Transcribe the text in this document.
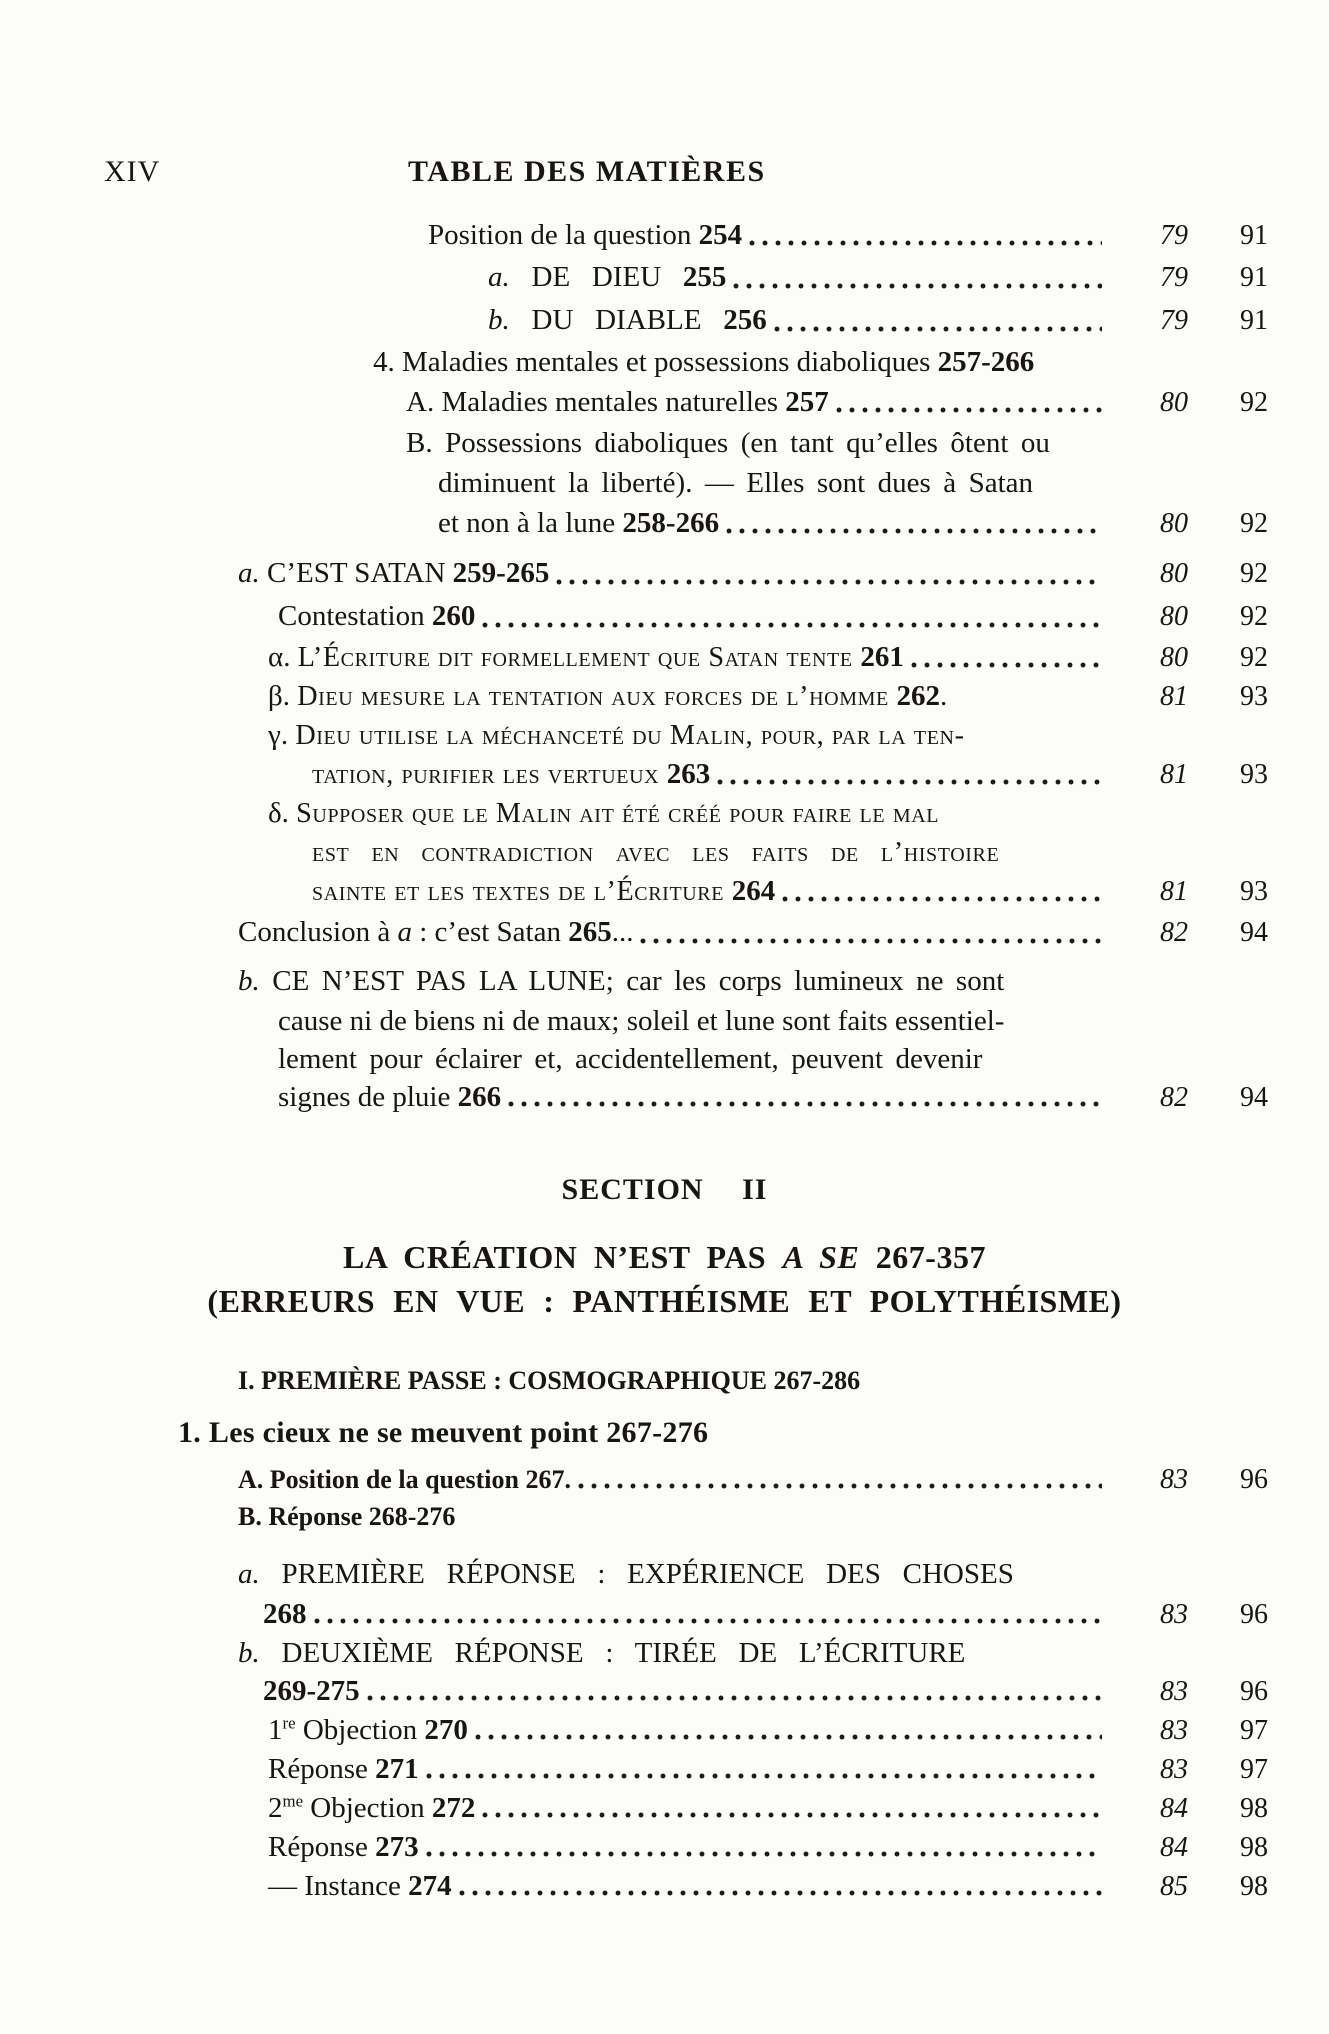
XIV	TABLE DES MATIÈRES
Position de la question 254	79	91
a. DE DIEU 255	79	91
b. DU DIABLE 256	79	91
4. Maladies mentales et possessions diaboliques 257-266
A. Maladies mentales naturelles 257	80	92
B. Possessions diaboliques (en tant qu’elles ôtent ou
diminuent la liberté). — Elles sont dues à Satan
et non à la lune 258-266	80	92
a. C’EST SATAN 259-265	80	92
Contestation 260	80	92
α. L’Écriture dit formellement que Satan tente 261	80	92
β. Dieu mesure la tentation aux forces de l’homme 262.	81	93
γ. Dieu utilise la méchanceté du Malin, pour, par la ten-
tation, purifier les vertueux 263	81	93
δ. Supposer que le Malin ait été créé pour faire le mal
est en contradiction avec les faits de l’histoire
sainte et les textes de l’Écriture 264	81	93
Conclusion à a : c’est Satan 265...	82	94
b. CE N’EST PAS LA LUNE; car les corps lumineux ne sont
cause ni de biens ni de maux; soleil et lune sont faits essentiel-
lement pour éclairer et, accidentellement, peuvent devenir
signes de pluie 266	82	94
SECTION II
LA CRÉATION N’EST PAS A SE 267-357
(ERREURS EN VUE : PANTHÉISME ET POLYTHÉISME)
I. PREMIÈRE PASSE : COSMOGRAPHIQUE 267-286
1. Les cieux ne se meuvent point 267-276
A. Position de la question 267.	83	96
B. Réponse 268-276
a. PREMIÈRE RÉPONSE : EXPÉRIENCE DES CHOSES
268	83	96
b. DEUXIÈME RÉPONSE : TIRÉE DE L’ÉCRITURE
269-275	83	96
1re Objection 270	83	97
Réponse 271	83	97
$2^{me}$ Objection 272	84	98
Réponse 273	84	98
— Instance 274	85	98
